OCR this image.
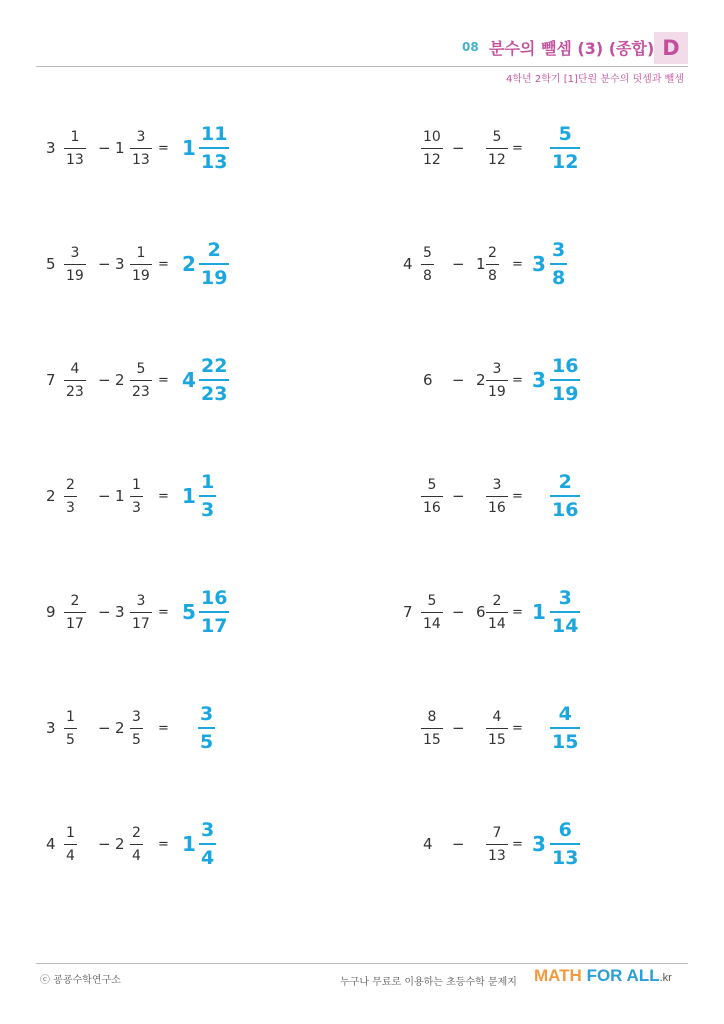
08 분수의 뺄셈 (3) (종합) D
4학년 2학기 [1]단원 분수의 덧셈과 뺄셈
$3 \frac{1}{13} - 1 \frac{3}{13} = 1 \frac{11}{13}$	$\frac{10}{12} - \frac{5}{12} = \frac{5}{12}$
$5 \frac{3}{19} - 3 \frac{1}{19} = 2 \frac{2}{19}$	$4 \frac{5}{8} - 1 \frac{2}{8} = 3 \frac{3}{8}$
$7 \frac{4}{23} - 2 \frac{5}{23} = 4 \frac{22}{23}$	$6 - 2 \frac{3}{19} = 3 \frac{16}{19}$
$2 \frac{2}{3} - 1 \frac{1}{3} = 1 \frac{1}{3}$	$\frac{5}{16} - \frac{3}{16} = \frac{2}{16}$
$9 \frac{2}{17} - 3 \frac{3}{17} = 5 \frac{16}{17}$	$7 \frac{5}{14} - 6 \frac{2}{14} = 1 \frac{3}{14}$
$3 \frac{1}{5} - 2 \frac{3}{5} = \frac{3}{5}$	$\frac{8}{15} - \frac{4}{15} = \frac{4}{15}$
$4 \frac{1}{4} - 2 \frac{2}{4} = 1 \frac{3}{4}$	$4 - \frac{7}{13} = 3 \frac{6}{13}$
ⓒ 굥굥수학연구소	누구나 무료로 이용하는 초등수학 문제지 MATH FOR ALL.kr
